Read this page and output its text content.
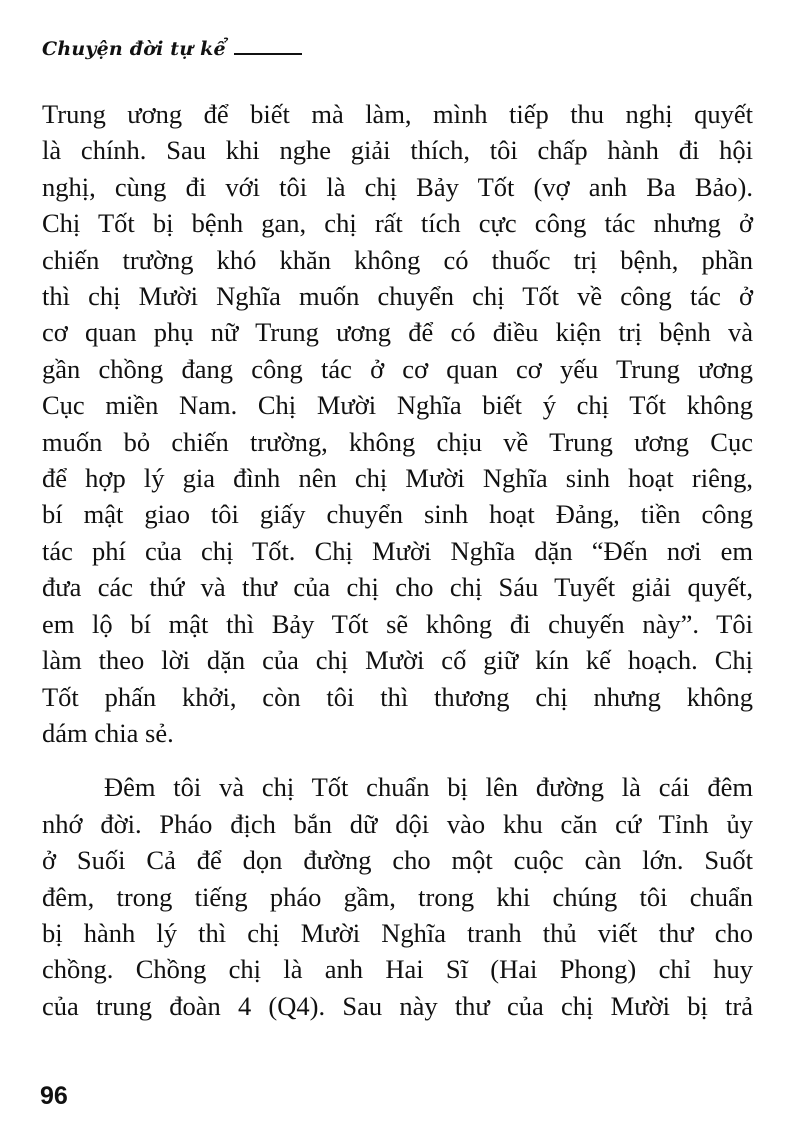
Chuyện đời tự kể
Trung ương để biết mà làm, mình tiếp thu nghị quyết
là chính. Sau khi nghe giải thích, tôi chấp hành đi hội
nghị, cùng đi với tôi là chị Bảy Tốt (vợ anh Ba Bảo).
Chị Tốt bị bệnh gan, chị rất tích cực công tác nhưng ở
chiến trường khó khăn không có thuốc trị bệnh, phần
thì chị Mười Nghĩa muốn chuyển chị Tốt về công tác ở
cơ quan phụ nữ Trung ương để có điều kiện trị bệnh và
gần chồng đang công tác ở cơ quan cơ yếu Trung ương
Cục miền Nam. Chị Mười Nghĩa biết ý chị Tốt không
muốn bỏ chiến trường, không chịu về Trung ương Cục
để hợp lý gia đình nên chị Mười Nghĩa sinh hoạt riêng,
bí mật giao tôi giấy chuyển sinh hoạt Đảng, tiền công
tác phí của chị Tốt. Chị Mười Nghĩa dặn “Đến nơi em
đưa các thứ và thư của chị cho chị Sáu Tuyết giải quyết,
em lộ bí mật thì Bảy Tốt sẽ không đi chuyến này”. Tôi
làm theo lời dặn của chị Mười cố giữ kín kế hoạch. Chị
Tốt phấn khởi, còn tôi thì thương chị nhưng không
dám chia sẻ.
Đêm tôi và chị Tốt chuẩn bị lên đường là cái đêm
nhớ đời. Pháo địch bắn dữ dội vào khu căn cứ Tỉnh ủy
ở Suối Cả để dọn đường cho một cuộc càn lớn. Suốt
đêm, trong tiếng pháo gầm, trong khi chúng tôi chuẩn
bị hành lý thì chị Mười Nghĩa tranh thủ viết thư cho
chồng. Chồng chị là anh Hai Sĩ (Hai Phong) chỉ huy
của trung đoàn 4 (Q4). Sau này thư của chị Mười bị trả
96
